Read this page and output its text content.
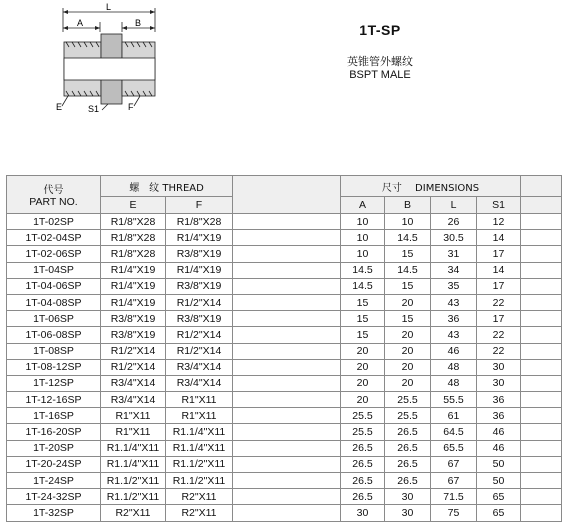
L
A	B
E	S1	F
1T-SP
英锥管外螺纹
BSPT MALE
代号
PART NO.	螺　纹 THREAD			尺寸　 DIMENSIONS				
	E	F		A	B	L	S1	
1T-02SP	R1/8"X28	R1/8"X28		10	10	26	12	
1T-02-04SP	R1/8"X28	R1/4"X19		10	14.5	30.5	14	
1T-02-06SP	R1/8"X28	R3/8"X19		10	15	31	17	
1T-04SP	R1/4"X19	R1/4"X19		14.5	14.5	34	14	
1T-04-06SP	R1/4"X19	R3/8"X19		14.5	15	35	17	
1T-04-08SP	R1/4"X19	R1/2"X14		15	20	43	22	
1T-06SP	R3/8"X19	R3/8"X19		15	15	36	17	
1T-06-08SP	R3/8"X19	R1/2"X14		15	20	43	22	
1T-08SP	R1/2"X14	R1/2"X14		20	20	46	22	
1T-08-12SP	R1/2"X14	R3/4"X14		20	20	48	30	
1T-12SP	R3/4"X14	R3/4"X14		20	20	48	30	
1T-12-16SP	R3/4"X14	R1"X11		20	25.5	55.5	36	
1T-16SP	R1"X11	R1"X11		25.5	25.5	61	36	
1T-16-20SP	R1"X11	R1.1/4"X11		25.5	26.5	64.5	46	
1T-20SP	R1.1/4"X11	R1.1/4"X11		26.5	26.5	65.5	46	
1T-20-24SP	R1.1/4"X11	R1.1/2"X11		26.5	26.5	67	50	
1T-24SP	R1.1/2"X11	R1.1/2"X11		26.5	26.5	67	50	
1T-24-32SP	R1.1/2"X11	R2"X11		26.5	30	71.5	65	
1T-32SP	R2"X11	R2"X11		30	30	75	65	
